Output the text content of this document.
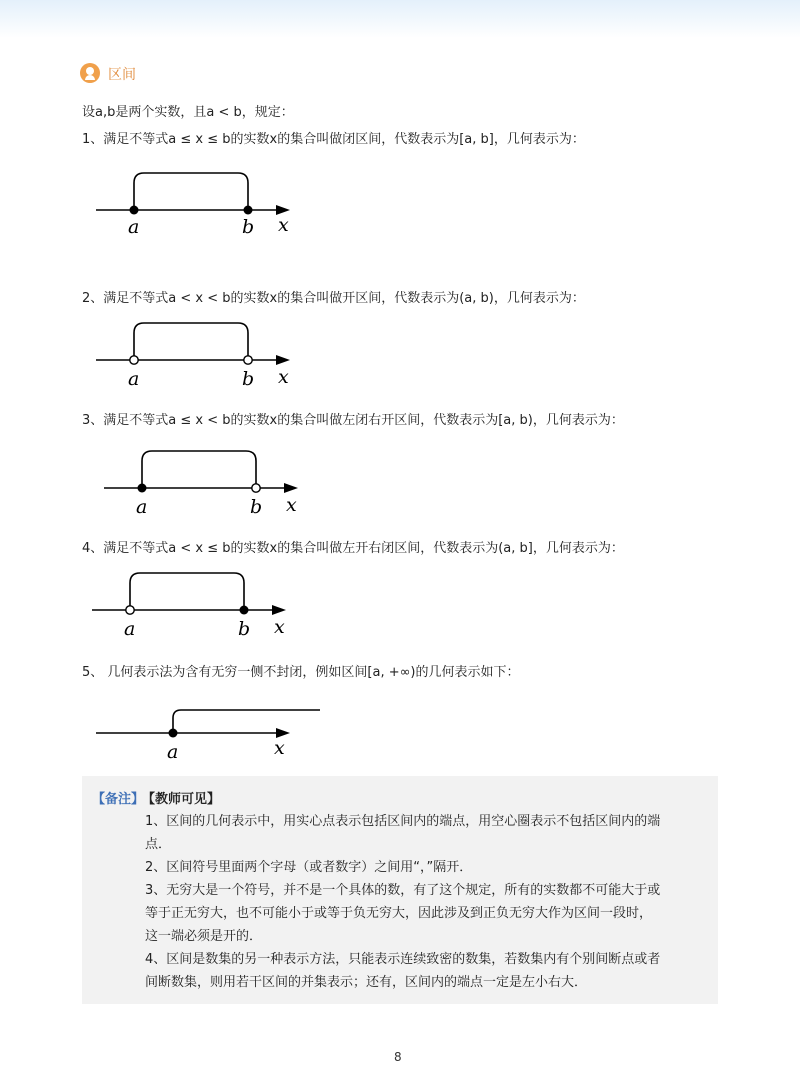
区间
设a,b是两个实数，且a < b，规定：
1、满足不等式a ≤ x ≤ b的实数x的集合叫做闭区间，代数表示为[a, b]，几何表示为：
a	b x
2、满足不等式a < x < b的实数x的集合叫做开区间，代数表示为(a, b)，几何表示为：
a	b x
3、满足不等式a ≤ x < b的实数x的集合叫做左闭右开区间，代数表示为[a, b)，几何表示为：
a	b x
4、满足不等式a < x ≤ b的实数x的集合叫做左开右闭区间，代数表示为(a, b]，几何表示为：
a	b x
5、 几何表示法为含有无穷一侧不封闭，例如区间[a, +∞)的几何表示如下：
a	x
【备注】
【教师可见】
1、区间的几何表示中，用实心点表示包括区间内的端点，用空心圈表示不包括区间内的端
点．
2、区间符号里面两个字母（或者数字）之间用“，”隔开．
3、无穷大是一个符号，并不是一个具体的数，有了这个规定，所有的实数都不可能大于或
等于正无穷大，也不可能小于或等于负无穷大，因此涉及到正负无穷大作为区间一段时，
这一端必须是开的．
4、区间是数集的另一种表示方法，只能表示连续致密的数集，若数集内有个别间断点或者
间断数集，则用若干区间的并集表示；还有，区间内的端点一定是左小右大．
8
